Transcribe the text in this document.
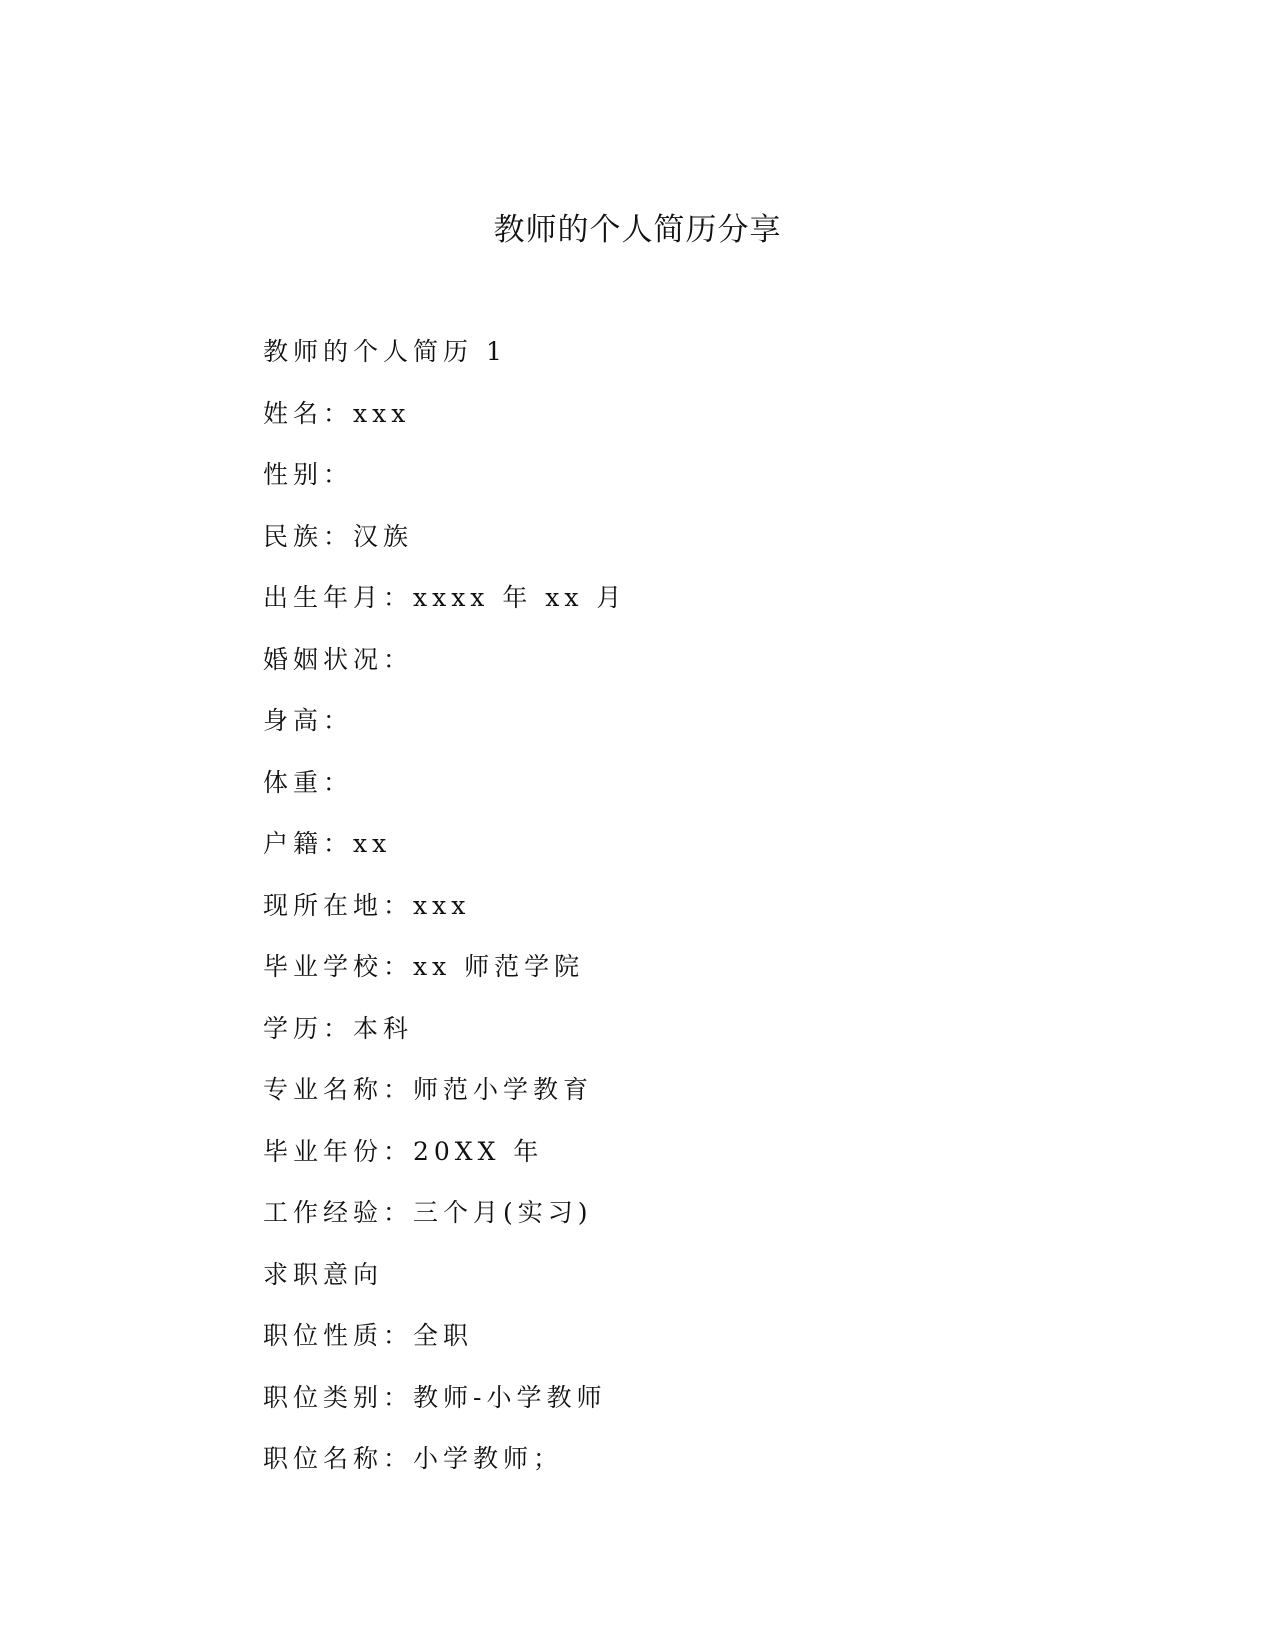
教师的个人简历分享
教师的个人简历 1
姓名：xxx
性别：
民族：汉族
出生年月：xxxx 年 xx 月
婚姻状况：
身高：
体重：
户籍：xx
现所在地：xxx
毕业学校：xx 师范学院
学历：本科
专业名称：师范小学教育
毕业年份：20XX 年
工作经验：三个月(实习)
求职意向
职位性质：全职
职位类别：教师-小学教师
职位名称：小学教师；
